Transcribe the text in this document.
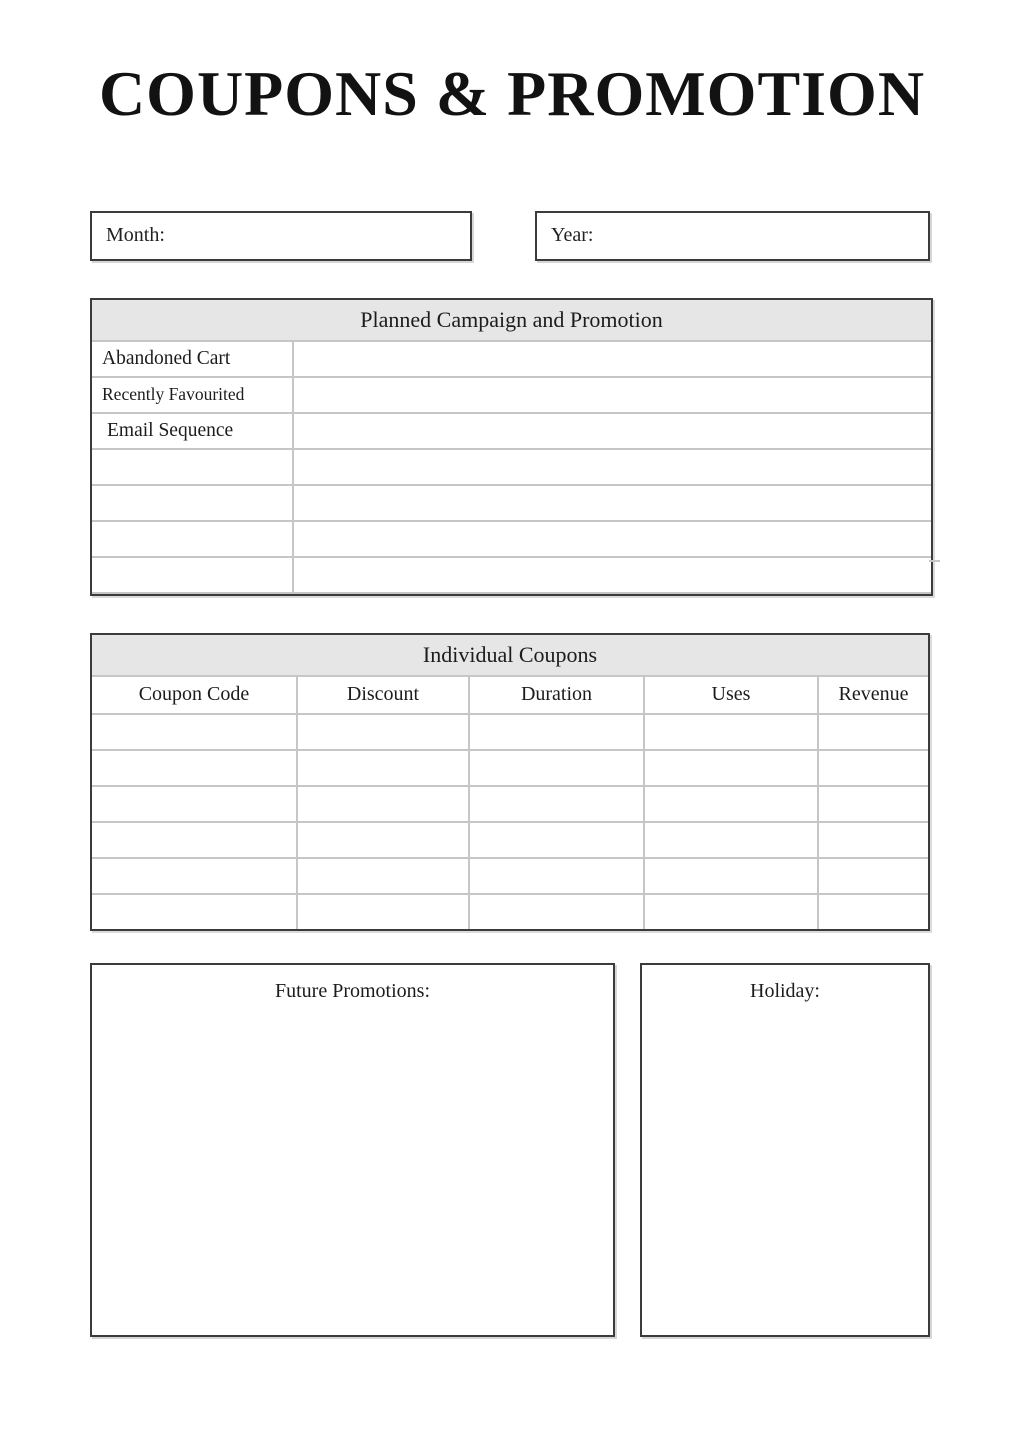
COUPONS & PROMOTION
Month:	Year:
Planned Campaign and Promotion
Abandoned Cart
Recently Favourited
Email Sequence
Individual Coupons
Coupon Code	Discount	Duration	Uses	Revenue
Future Promotions:	Holiday:
